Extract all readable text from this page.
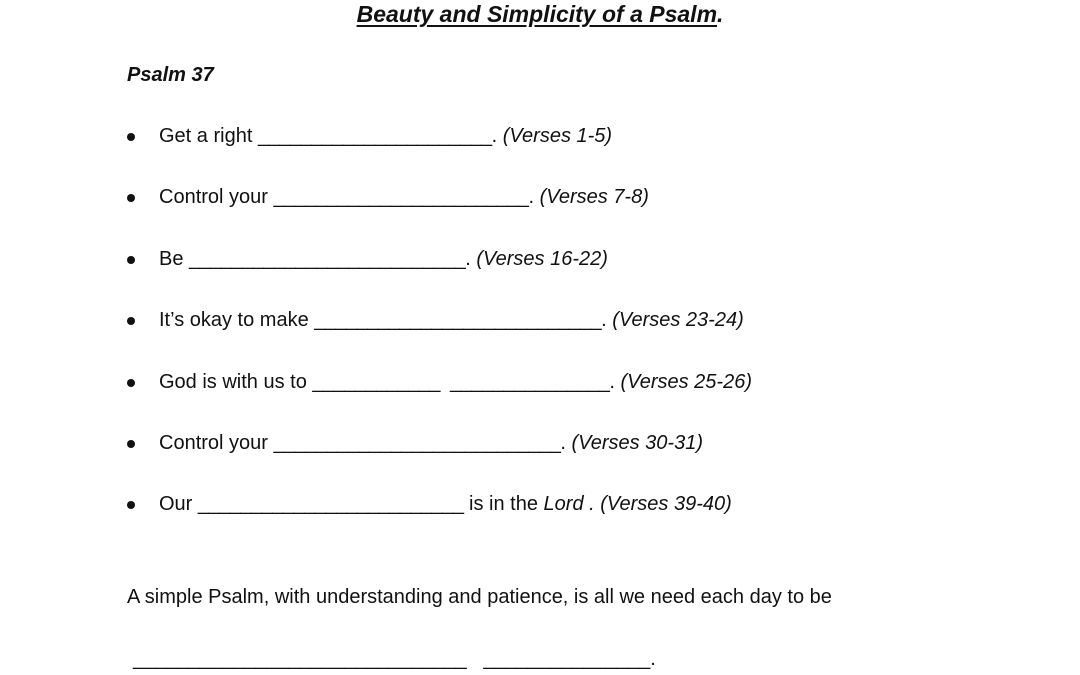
Beauty and Simplicity of a Psalm.
Psalm 37
Get a right ______________________. (Verses 1-5)
Control your ________________________. (Verses 7-8)
Be __________________________. (Verses 16-22)
It’s okay to make ___________________________. (Verses 23-24)
God is with us to ____________  _______________. (Verses 25-26)
Control your ___________________________. (Verses 30-31)
Our _________________________ is in the Lord . (Verses 39-40)
A simple Psalm, with understanding and patience, is all we need each day to be
______________________________   _______________.
